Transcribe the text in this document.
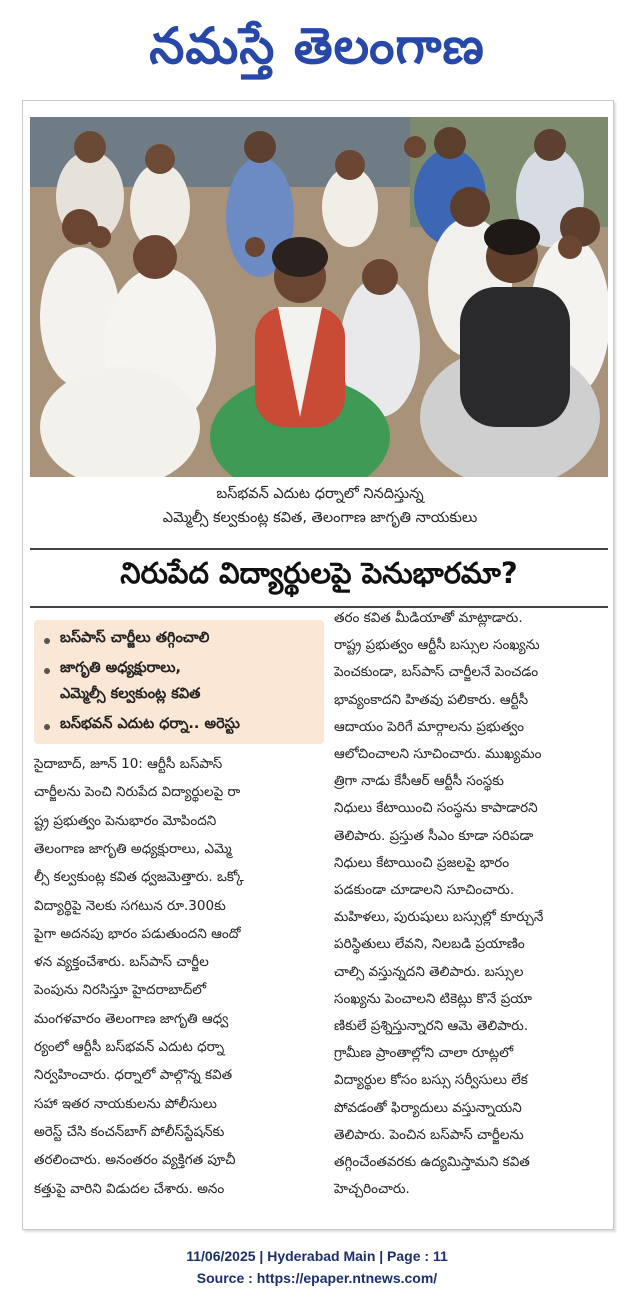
నమస్తే తెలంగాణ
బస్‌భవన్ ఎదుట ధర్నాలో నినదిస్తున్న
ఎమ్మెల్సీ కల్వకుంట్ల కవిత, తెలంగాణ జాగృతి నాయకులు
నిరుపేద విద్యార్థులపై పెనుభారమా?
బస్‌పాస్ చార్జీలు తగ్గించాలి
జాగృతి అధ్యక్షురాలు,
ఎమ్మెల్సీ కల్వకుంట్ల కవిత
బస్‌భవన్ ఎదుట ధర్నా.. అరెస్టు
సైదాబాద్, జూన్ 10: ఆర్టీసీ బస్‌పాస్
చార్జీలను పెంచి నిరుపేద విద్యార్థులపై రా
ష్ట్ర ప్రభుత్వం పెనుభారం మోపిందని
తెలంగాణ జాగృతి అధ్యక్షురాలు, ఎమ్మె
ల్సీ కల్వకుంట్ల కవిత ధ్వజమెత్తారు. ఒక్కో
విద్యార్థిపై నెలకు సగటున రూ.300కు
పైగా అదనపు భారం పడుతుందని ఆందో
ళన వ్యక్తంచేశారు. బస్‌పాస్ చార్జీల
పెంపును నిరసిస్తూ హైదరాబాద్‌లో
మంగళవారం తెలంగాణ జాగృతి ఆధ్వ
ర్యంలో ఆర్టీసీ బస్‌భవన్ ఎదుట ధర్నా
నిర్వహించారు. ధర్నాలో పాల్గొన్న కవిత
సహా ఇతర నాయకులను పోలీసులు
అరెస్ట్ చేసి కంచన్‌బాగ్ పోలీస్‌స్టేషన్‌కు
తరలించారు. అనంతరం వ్యక్తిగత పూచీ
కత్తుపై వారిని విడుదల చేశారు. అనం
తరం కవిత మీడియాతో మాట్లాడారు.
రాష్ట్ర ప్రభుత్వం ఆర్టీసీ బస్సుల సంఖ్యను
పెంచకుండా, బస్‌పాస్ చార్జీలనే పెంచడం
భావ్యంకాదని హితవు పలికారు. ఆర్టీసీ
ఆదాయం పెరిగే మార్గాలను ప్రభుత్వం
ఆలోచించాలని సూచించారు. ముఖ్యమం
త్రిగా నాడు కేసీఆర్ ఆర్టీసీ సంస్థకు
నిధులు కేటాయించి సంస్థను కాపాడారని
తెలిపారు. ప్రస్తుత సీఎం కూడా సరిపడా
నిధులు కేటాయించి ప్రజలపై భారం
పడకుండా చూడాలని సూచించారు.
మహిళలు, పురుషులు బస్సుల్లో కూర్చునే
పరిస్థితులు లేవని, నిలబడి ప్రయాణిం
చాల్సి వస్తున్నదని తెలిపారు. బస్సుల
సంఖ్యను పెంచాలని టికెట్లు కొనే ప్రయా
ణికులే ప్రశ్నిస్తున్నారని ఆమె తెలిపారు.
గ్రామీణ ప్రాంతాల్లోని చాలా రూట్లలో
విద్యార్థుల కోసం బస్సు సర్వీసులు లేక
పోవడంతో ఫిర్యాదులు వస్తున్నాయని
తెలిపారు. పెంచిన బస్‌పాస్ చార్జీలను
తగ్గించేంతవరకు ఉద్యమిస్తామని కవిత
హెచ్చరించారు.
11/06/2025 | Hyderabad Main | Page : 11
Source : https://epaper.ntnews.com/
